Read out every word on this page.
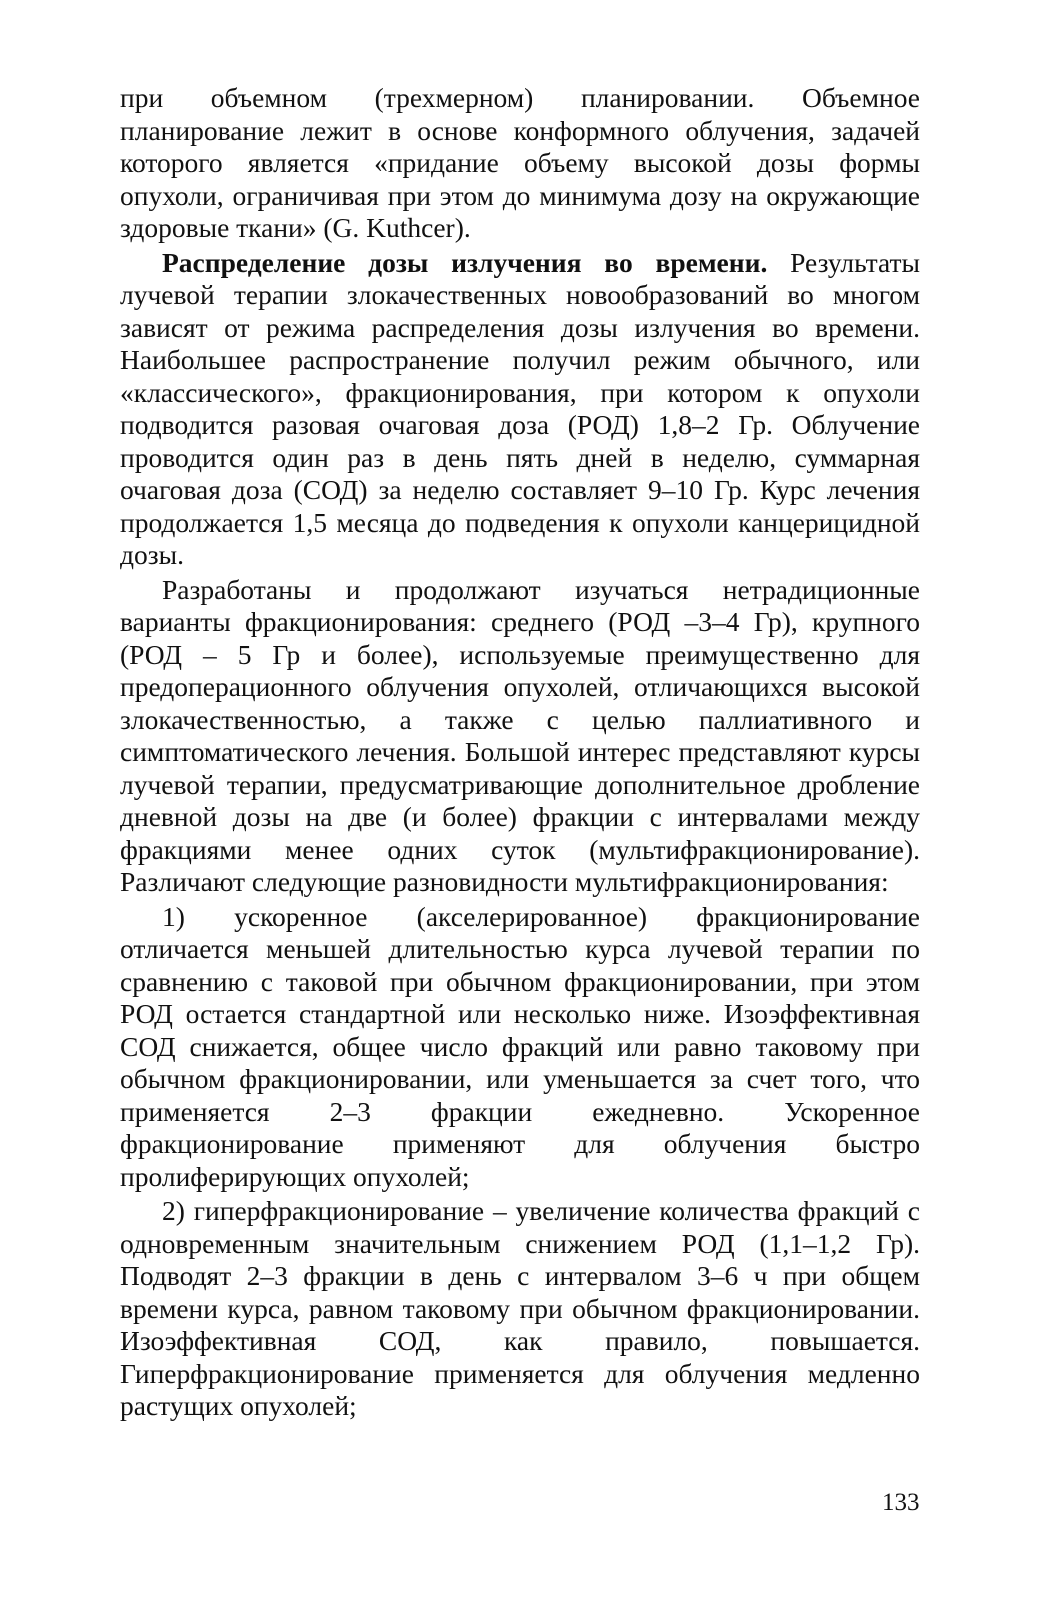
при объемном (трехмерном) планировании. Объемное планирование лежит в основе конформного облучения, задачей которого является «придание объему высокой дозы формы опухоли, ограничивая при этом до минимума дозу на окружающие здоровые ткани» (G. Kuthcer).

Распределение дозы излучения во времени. Результаты лучевой терапии злокачественных новообразований во многом зависят от режима распределения дозы излучения во времени. Наибольшее распространение получил режим обычного, или «классического», фракционирования, при котором к опухоли подводится разовая очаговая доза (РОД) 1,8–2 Гр. Облучение проводится один раз в день пять дней в неделю, суммарная очаговая доза (СОД) за неделю составляет 9–10 Гр. Курс лечения продолжается 1,5 месяца до подведения к опухоли канцерицидной дозы.

Разработаны и продолжают изучаться нетрадиционные варианты фракционирования: среднего (РОД –3–4 Гр), крупного (РОД – 5 Гр и более), используемые преимущественно для предоперационного облучения опухолей, отличающихся высокой злокачественностью, а также с целью паллиативного и симптоматического лечения. Большой интерес представляют курсы лучевой терапии, предусматривающие дополнительное дробление дневной дозы на две (и более) фракции с интервалами между фракциями менее одних суток (мультифракционирование). Различают следующие разновидности мультифракционирования:

1) ускоренное (акселерированное) фракционирование отличается меньшей длительностью курса лучевой терапии по сравнению с таковой при обычном фракционировании, при этом РОД остается стандартной или несколько ниже. Изоэффективная СОД снижается, общее число фракций или равно таковому при обычном фракционировании, или уменьшается за счет того, что применяется 2–3 фракции ежедневно. Ускоренное фракционирование применяют для облучения быстро пролиферирующих опухолей;

2) гиперфракционирование – увеличение количества фракций с одновременным значительным снижением РОД (1,1–1,2 Гр). Подводят 2–3 фракции в день с интервалом 3–6 ч при общем времени курса, равном таковому при обычном фракционировании. Изоэффективная СОД, как правило, повышается. Гиперфракционирование применяется для облучения медленно растущих опухолей;

133
